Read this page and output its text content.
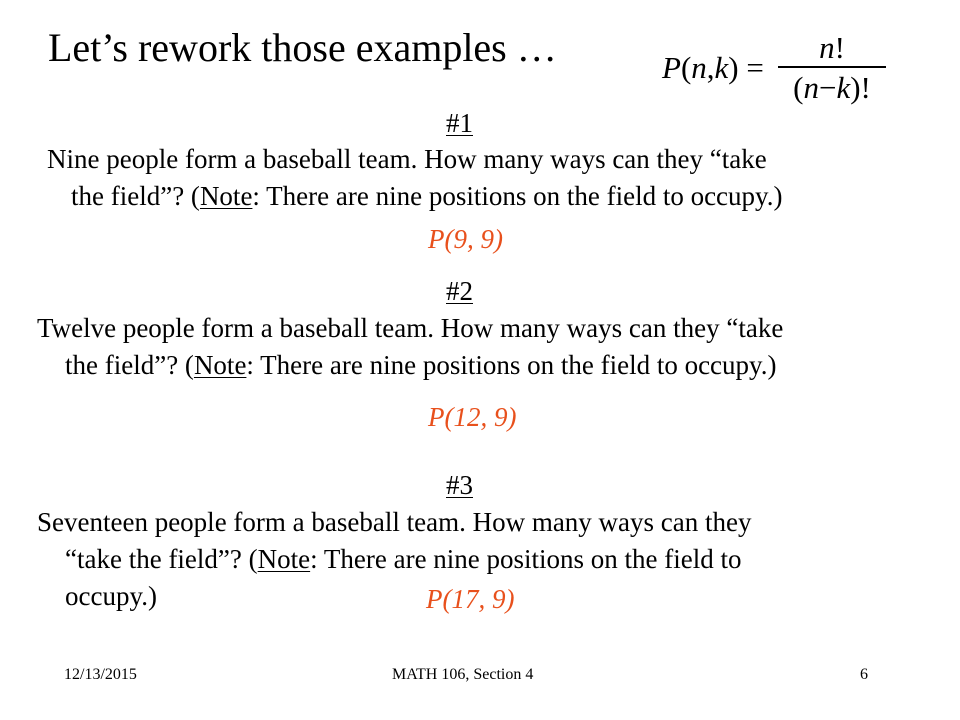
Let’s rework those examples …	P(n,k) =
n!
(n−k)!
#1
Nine people form a baseball team. How many ways can they “take
the field”? (Note: There are nine positions on the field to occupy.)
P(9, 9)
#2
Twelve people form a baseball team. How many ways can they “take
the field”? (Note: There are nine positions on the field to occupy.)
P(12, 9)
#3
Seventeen people form a baseball team. How many ways can they
“take the field”? (Note: There are nine positions on the field to
occupy.)	P(17, 9)
12/13/2015	MATH 106, Section 4	6
